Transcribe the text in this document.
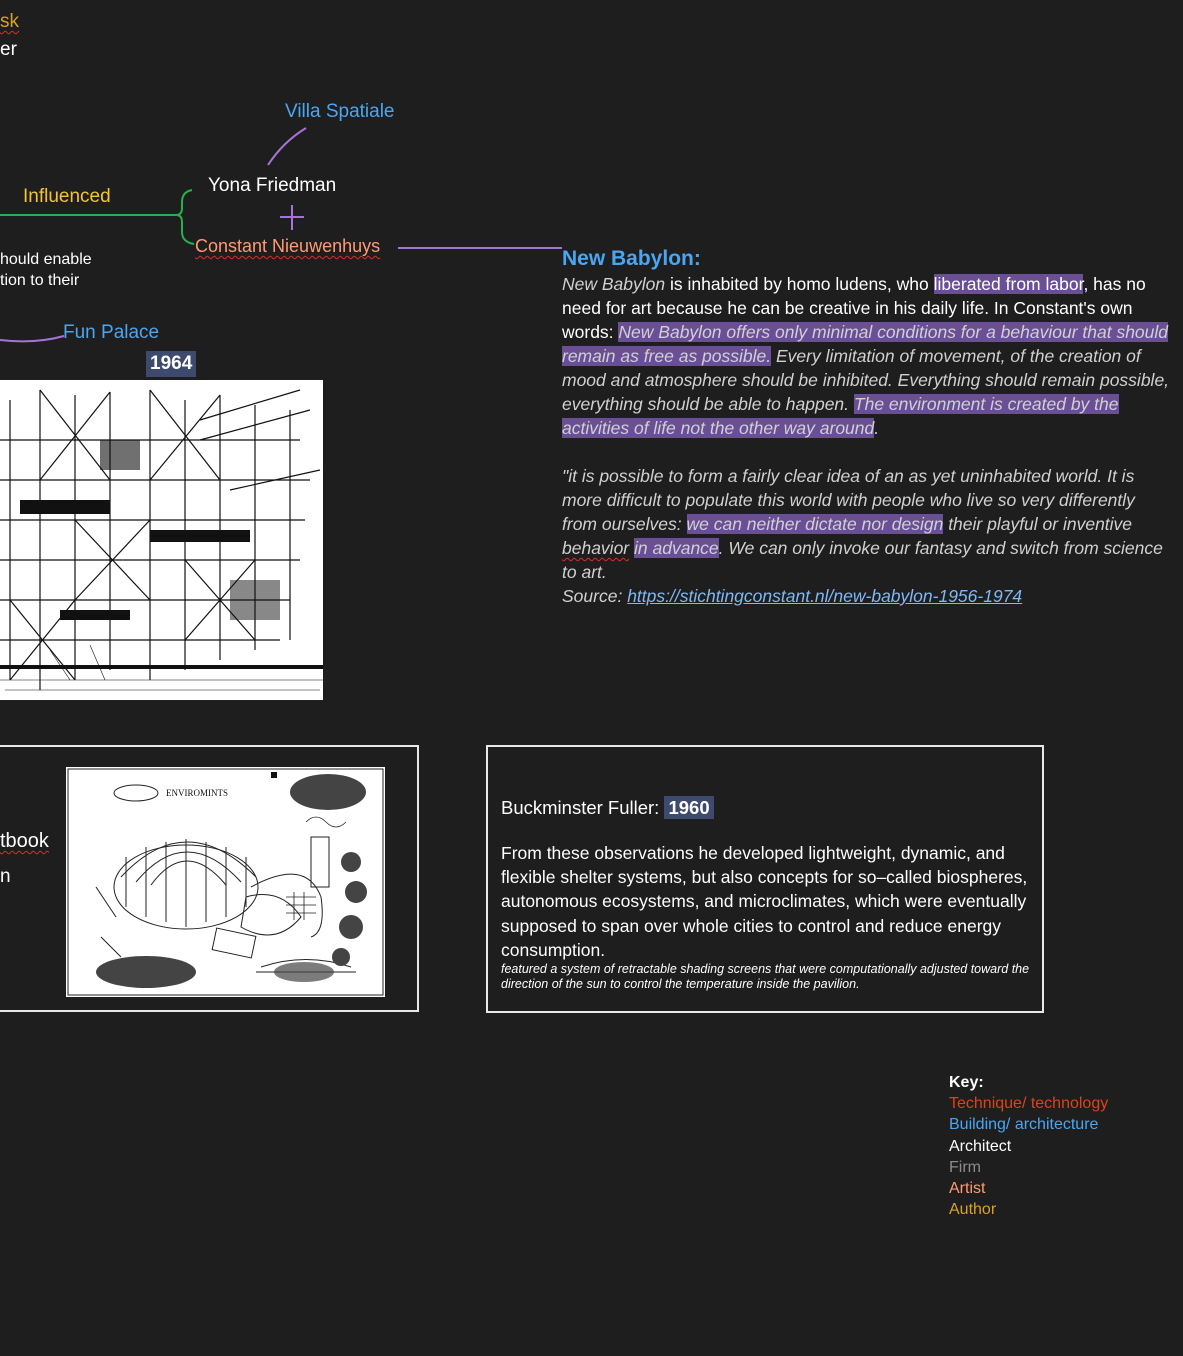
sk
er
Influenced
Villa Spatiale
Yona Friedman
Constant Nieuwenhuys
hould enable
tion to their
Fun Palace
1964
New Babylon:
New Babylon is inhabited by homo ludens, who liberated from labor, has no need for art because he can be creative in his daily life. In Constant's own words: New Babylon offers only minimal conditions for a behaviour that should remain as free as possible. Every limitation of movement, of the creation of mood and atmosphere should be inhibited. Everything should remain possible, everything should be able to happen. The environment is created by the activities of life not the other way around.
"it is possible to form a fairly clear idea of an as yet uninhabited world. It is more difficult to populate this world with people who live so very differently from ourselves: we can neither dictate nor design their playful or inventive behavior in advance. We can only invoke our fantasy and switch from science to art.
Source: https://stichtingconstant.nl/new-babylon-1956-1974
tbook
n
ENVIROMINTS
Buckminster Fuller: 1960
From these observations he developed lightweight, dynamic, and flexible shelter systems, but also concepts for so–called biospheres, autonomous ecosystems, and microclimates, which were eventually supposed to span over whole cities to control and reduce energy consumption.
featured a system of retractable shading screens that were computationally adjusted toward the direction of the sun to control the temperature inside the pavilion.
Key:
Technique/ technology
Building/ architecture
Architect
Firm
Artist
Author
